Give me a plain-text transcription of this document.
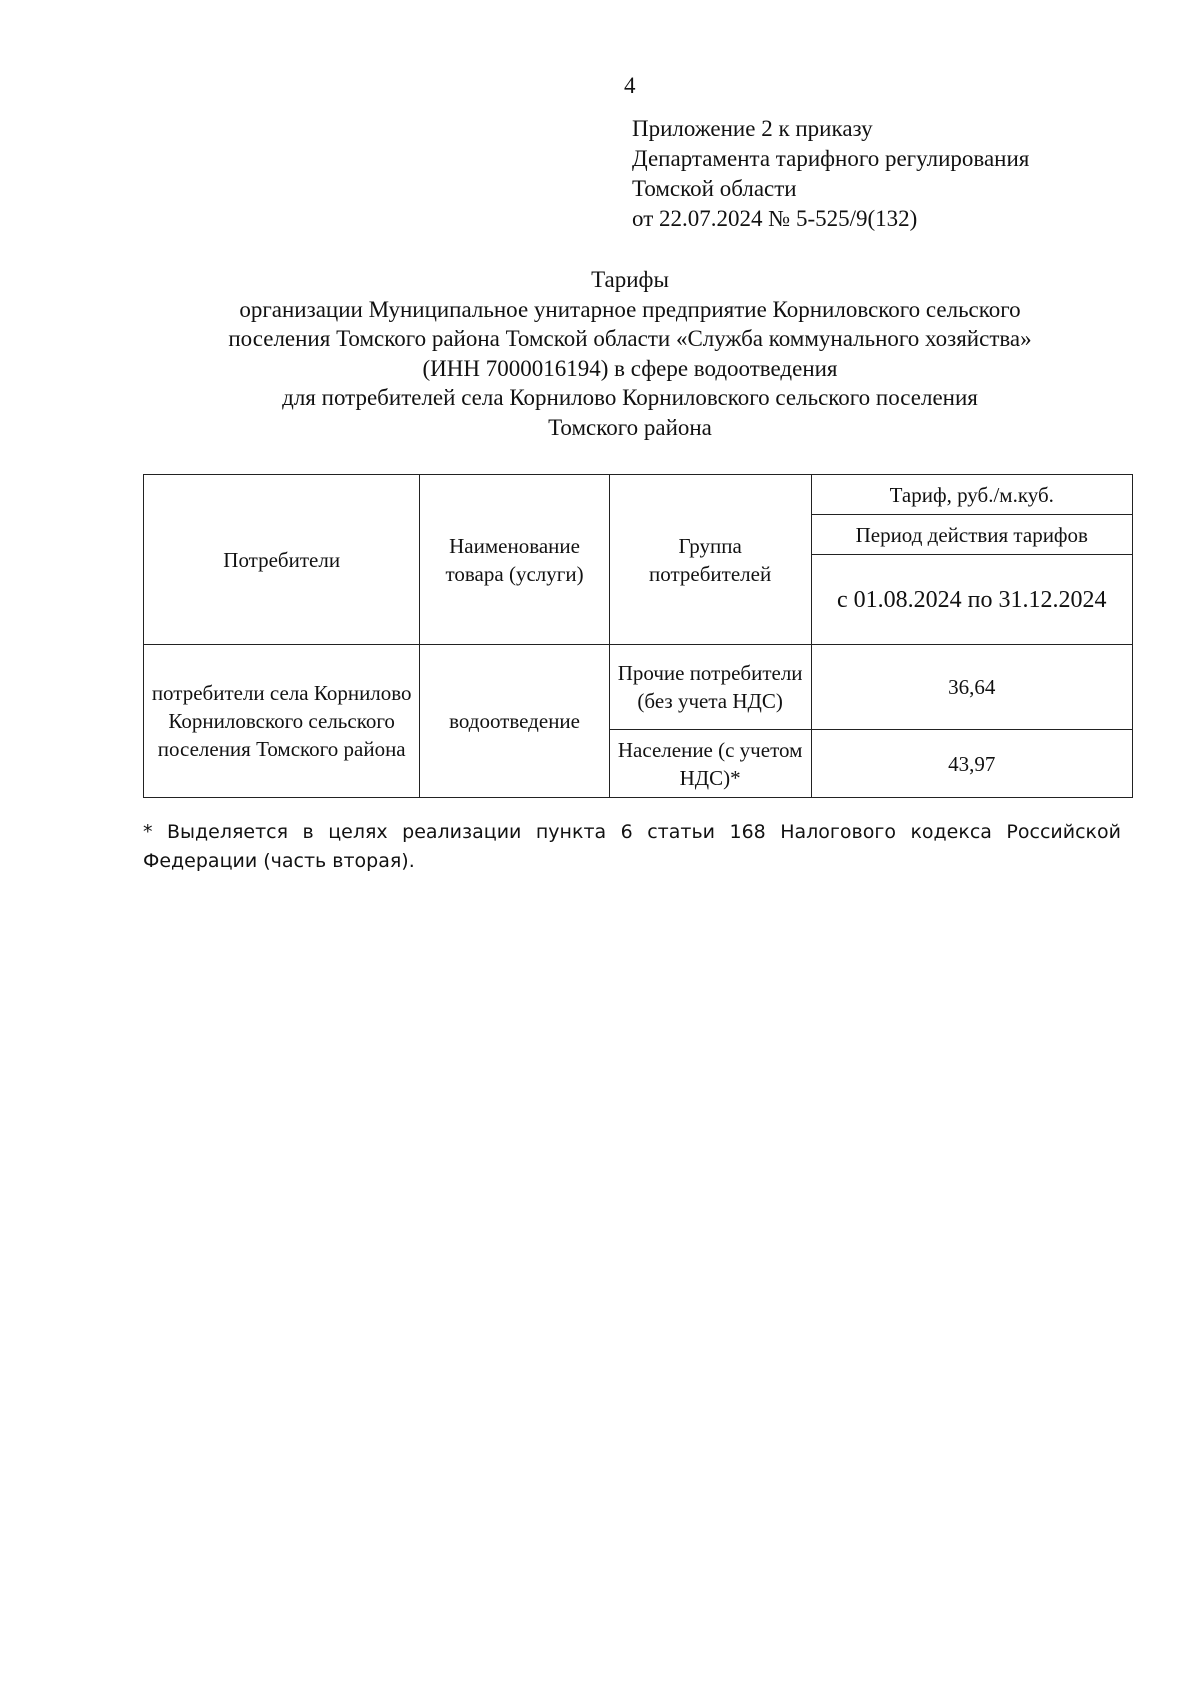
4
Приложение 2 к приказу
Департамента тарифного регулирования
Томской области
от 22.07.2024 № 5-525/9(132)
Тарифы
организации Муниципальное унитарное предприятие Корниловского сельского
поселения Томского района Томской области «Служба коммунального хозяйства»
(ИНН 7000016194) в сфере водоотведения
для потребителей села Корнилово Корниловского сельского поселения
Томского района
Потребители	Наименование товара (услуги)	Группа потребителей	Тариф, руб./м.куб.
			Период действия тарифов
			с 01.08.2024 по 31.12.2024
потребители села Корнилово Корниловского сельского поселения Томского района	водоотведение	Прочие потребители (без учета НДС)	36,64
		Население (с учетом НДС)*	43,97
* Выделяется в целях реализации пункта 6 статьи 168 Налогового кодекса Российской Федерации (часть вторая).
